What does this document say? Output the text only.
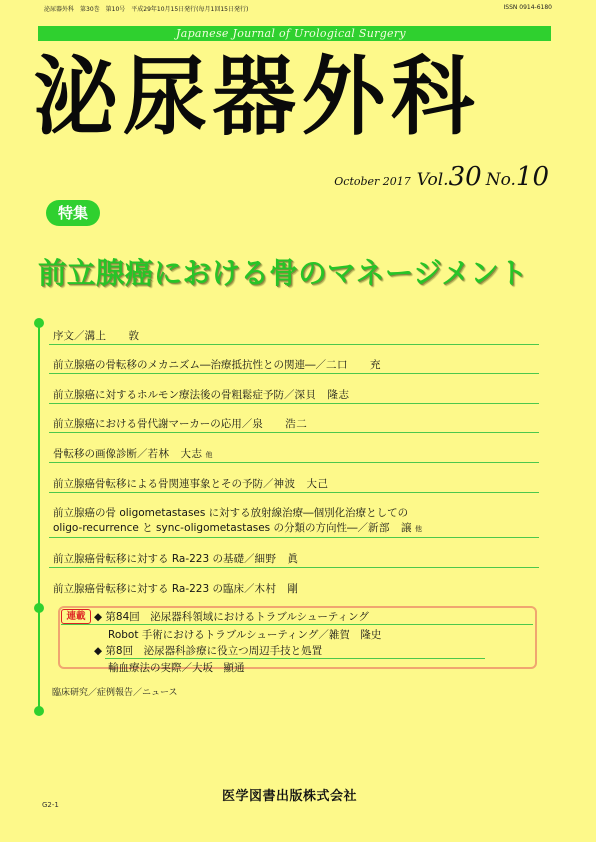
泌尿器外科　第30巻　第10号　平成29年10月15日発行(毎月1回15日発行)	ISSN 0914-6180
Japanese Journal of Urological Surgery
泌尿器外科
October 2017 Vol.30 No.10
特集
前立腺癌における骨のマネージメント
序文／溝上　　敦
前立腺癌の骨転移のメカニズム―治療抵抗性との関連―／二口　　充
前立腺癌に対するホルモン療法後の骨粗鬆症予防／深貝　隆志
前立腺癌における骨代謝マーカーの応用／泉　　浩二
骨転移の画像診断／若林　大志 他
前立腺癌骨転移による骨関連事象とその予防／神波　大己
前立腺癌の骨 oligometastases に対する放射線治療―個別化治療としての
oligo-recurrence と sync-oligometastases の分類の方向性―／新部　譲 他
前立腺癌骨転移に対する Ra-223 の基礎／細野　眞
前立腺癌骨転移に対する Ra-223 の臨床／木村　剛
連載 ◆ 第84回　泌尿器科領域におけるトラブルシューティング
Robot 手術におけるトラブルシューティング／雑賀　隆史
◆ 第8回　泌尿器科診療に役立つ周辺手技と処置
輸血療法の実際／大坂　顯通
臨床研究／症例報告／ニュース
医学図書出版株式会社
G2-1
